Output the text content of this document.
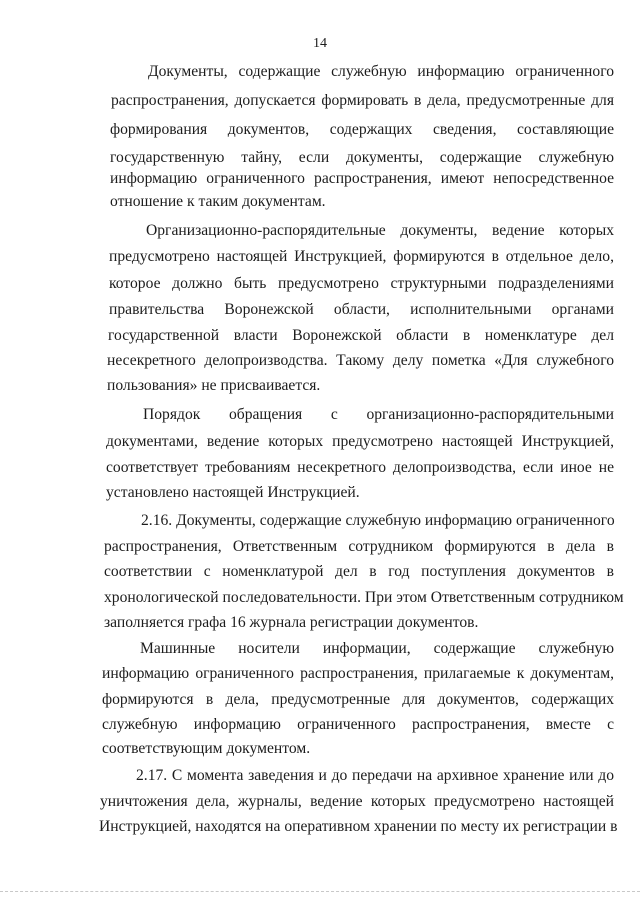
14
Документы, содержащие служебную информацию ограниченного
распространения, допускается формировать в дела, предусмотренные для
формирования документов, содержащих сведения, составляющие
государственную тайну, если документы, содержащие служебную
информацию ограниченного распространения, имеют непосредственное
отношение к таким документам.
Организационно-распорядительные документы, ведение которых
предусмотрено настоящей Инструкцией, формируются в отдельное дело,
которое должно быть предусмотрено структурными подразделениями
правительства Воронежской области, исполнительными органами
государственной власти Воронежской области в номенклатуре дел
несекретного делопроизводства. Такому делу пометка «Для служебного
пользования» не присваивается.
Порядок обращения с организационно-распорядительными
документами, ведение которых предусмотрено настоящей Инструкцией,
соответствует требованиям несекретного делопроизводства, если иное не
установлено настоящей Инструкцией.
2.16. Документы, содержащие служебную информацию ограниченного
распространения, Ответственным сотрудником формируются в дела в
соответствии с номенклатурой дел в год поступления документов в
хронологической последовательности. При этом Ответственным сотрудником
заполняется графа 16 журнала регистрации документов.
Машинные носители информации, содержащие служебную
информацию ограниченного распространения, прилагаемые к документам,
формируются в дела, предусмотренные для документов, содержащих
служебную информацию ограниченного распространения, вместе с
соответствующим документом.
2.17. С момента заведения и до передачи на архивное хранение или до
уничтожения дела, журналы, ведение которых предусмотрено настоящей
Инструкцией, находятся на оперативном хранении по месту их регистрации в
